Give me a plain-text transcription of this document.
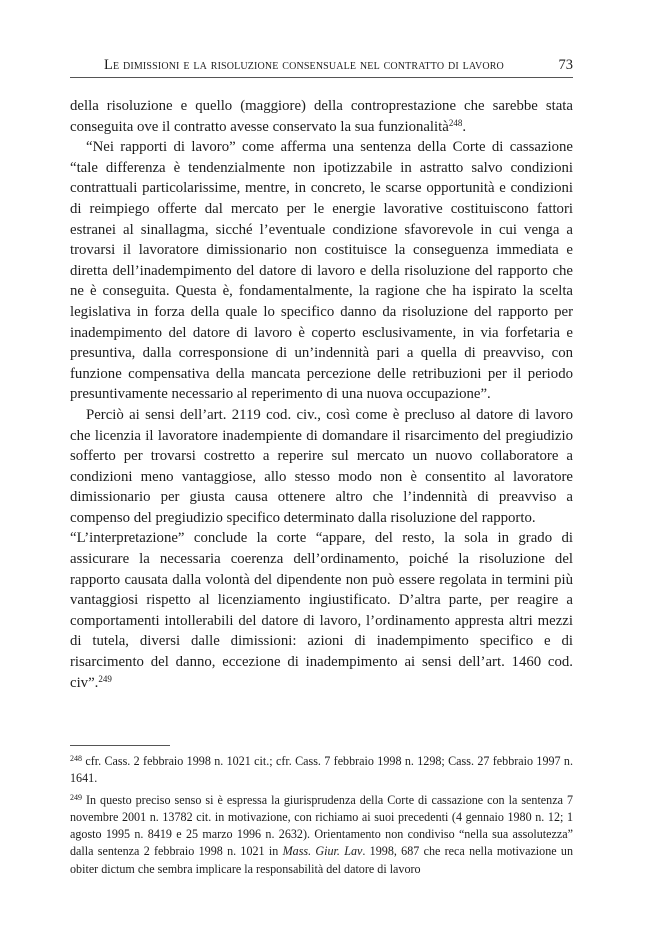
Le dimissioni e la risoluzione consensuale nel contratto di lavoro	73

della risoluzione e quello (maggiore) della controprestazione che sarebbe stata conseguita ove il contratto avesse conservato la sua funzionalità$^{248}$.

“Nei rapporti di lavoro” come afferma una sentenza della Corte di cassazione “tale differenza è tendenzialmente non ipotizzabile in astratto salvo condizioni contrattuali particolarissime, mentre, in concreto, le scarse opportunità e condizioni di reimpiego offerte dal mercato per le energie lavorative costituiscono fattori estranei al sinallagma, sicché l’eventuale condizione sfavorevole in cui venga a trovarsi il lavoratore dimissionario non costituisce la conseguenza immediata e diretta dell’inadempimento del datore di lavoro e della risoluzione del rapporto che ne è conseguita. Questa è, fondamentalmente, la ragione che ha ispirato la scelta legislativa in forza della quale lo specifico danno da risoluzione del rapporto per inadempimento del datore di lavoro è coperto esclusivamente, in via forfetaria e presuntiva, dalla corresponsione di un’indennità pari a quella di preavviso, con funzione compensativa della mancata percezione delle retribuzioni per il periodo presuntivamente necessario al reperimento di una nuova occupazione”.

Perciò ai sensi dell’art. 2119 cod. civ., così come è precluso al datore di lavoro che licenzia il lavoratore inadempiente di domandare il risarcimento del pregiudizio sofferto per trovarsi costretto a reperire sul mercato un nuovo collaboratore a condizioni meno vantaggiose, allo stesso modo non è consentito al lavoratore dimissionario per giusta causa ottenere altro che l’indennità di preavviso a compenso del pregiudizio specifico determinato dalla risoluzione del rapporto.

“L’interpretazione” conclude la corte “appare, del resto, la sola in grado di assicurare la necessaria coerenza dell’ordinamento, poiché la risoluzione del rapporto causata dalla volontà del dipendente non può essere regolata in termini più vantaggiosi rispetto al licenziamento ingiustificato. D’altra parte, per reagire a comportamenti intollerabili del datore di lavoro, l’ordinamento appresta altri mezzi di tutela, diversi dalle dimissioni: azioni di inadempimento specifico e di risarcimento del danno, eccezione di inadempimento ai sensi dell’art. 1460 cod. civ”.$^{249}$

$^{248}$ cfr. Cass. 2 febbraio 1998 n. 1021 cit.; cfr. Cass. 7 febbraio 1998 n. 1298; Cass. 27 febbraio 1997 n. 1641.

$^{249}$ In questo preciso senso si è espressa la giurisprudenza della Corte di cassazione con la sentenza 7 novembre 2001 n. 13782 cit. in motivazione, con richiamo ai suoi precedenti (4 gennaio 1980 n. 12; 1 agosto 1995 n. 8419 e 25 marzo 1996 n. 2632). Orientamento non condiviso “nella sua assolutezza” dalla sentenza 2 febbraio 1998 n. 1021 in Mass. Giur. Lav. 1998, 687 che reca nella motivazione un obiter dictum che sembra implicare la responsabilità del datore di lavoro
